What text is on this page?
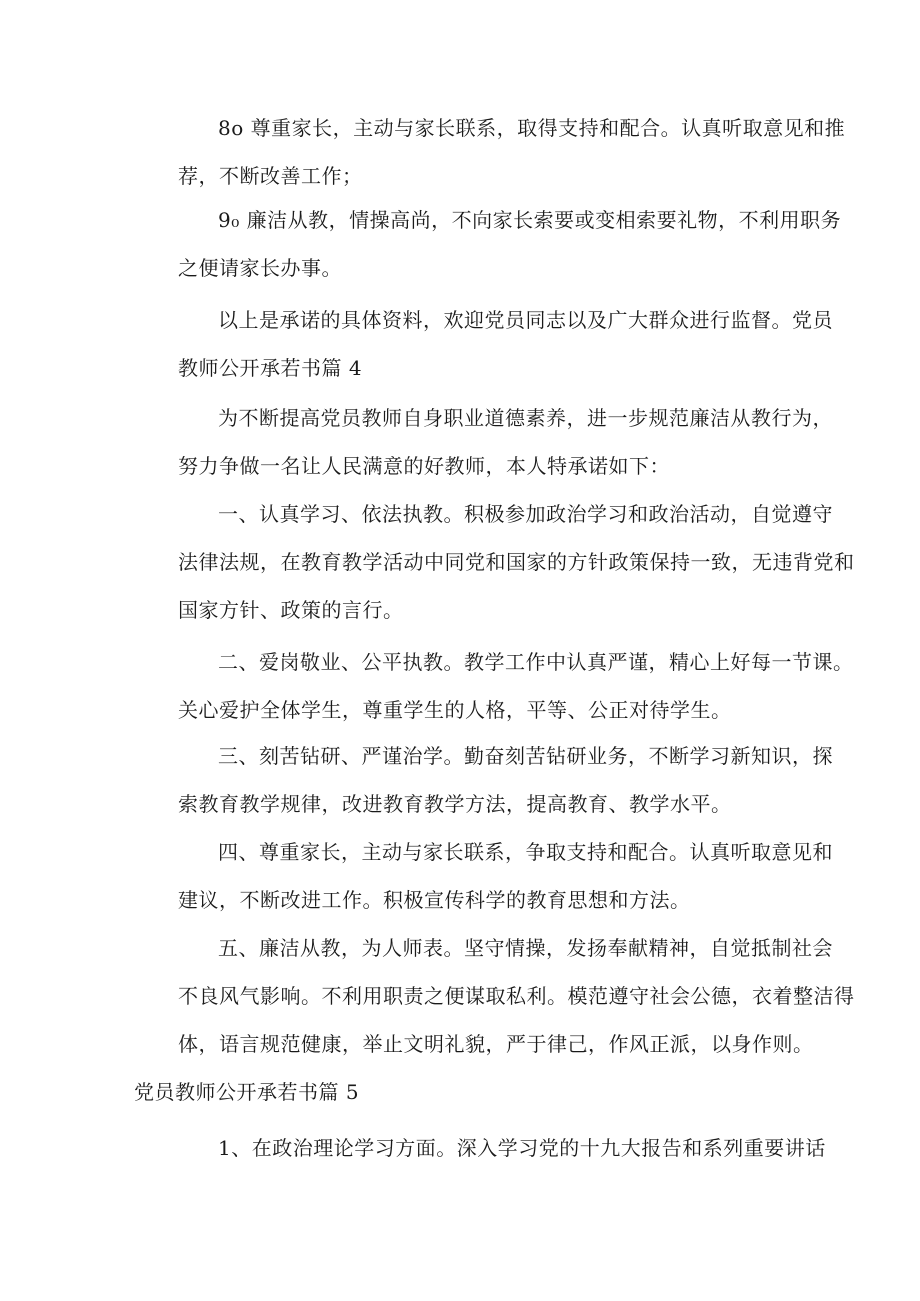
8o 尊重家长，主动与家长联系，取得支持和配合。认真听取意见和推
荐，不断改善工作；

9₀ 廉洁从教，情操高尚，不向家长索要或变相索要礼物，不利用职务
之便请家长办事。

以上是承诺的具体资料，欢迎党员同志以及广大群众进行监督。党员
教师公开承若书篇 4

为不断提高党员教师自身职业道德素养，进一步规范廉洁从教行为，
努力争做一名让人民满意的好教师，本人特承诺如下：

一、认真学习、依法执教。积极参加政治学习和政治活动，自觉遵守
法律法规，在教育教学活动中同党和国家的方针政策保持一致，无违背党和
国家方针、政策的言行。

二、爱岗敬业、公平执教。教学工作中认真严谨，精心上好每一节课。
关心爱护全体学生，尊重学生的人格，平等、公正对待学生。

三、刻苦钻研、严谨治学。勤奋刻苦钻研业务，不断学习新知识，探
索教育教学规律，改进教育教学方法，提高教育、教学水平。

四、尊重家长，主动与家长联系，争取支持和配合。认真听取意见和
建议，不断改进工作。积极宣传科学的教育思想和方法。

五、廉洁从教，为人师表。坚守情操，发扬奉献精神，自觉抵制社会
不良风气影响。不利用职责之便谋取私利。模范遵守社会公德，衣着整洁得
体，语言规范健康，举止文明礼貌，严于律己，作风正派，以身作则。

党员教师公开承若书篇 5

1、在政治理论学习方面。深入学习党的十九大报告和系列重要讲话
